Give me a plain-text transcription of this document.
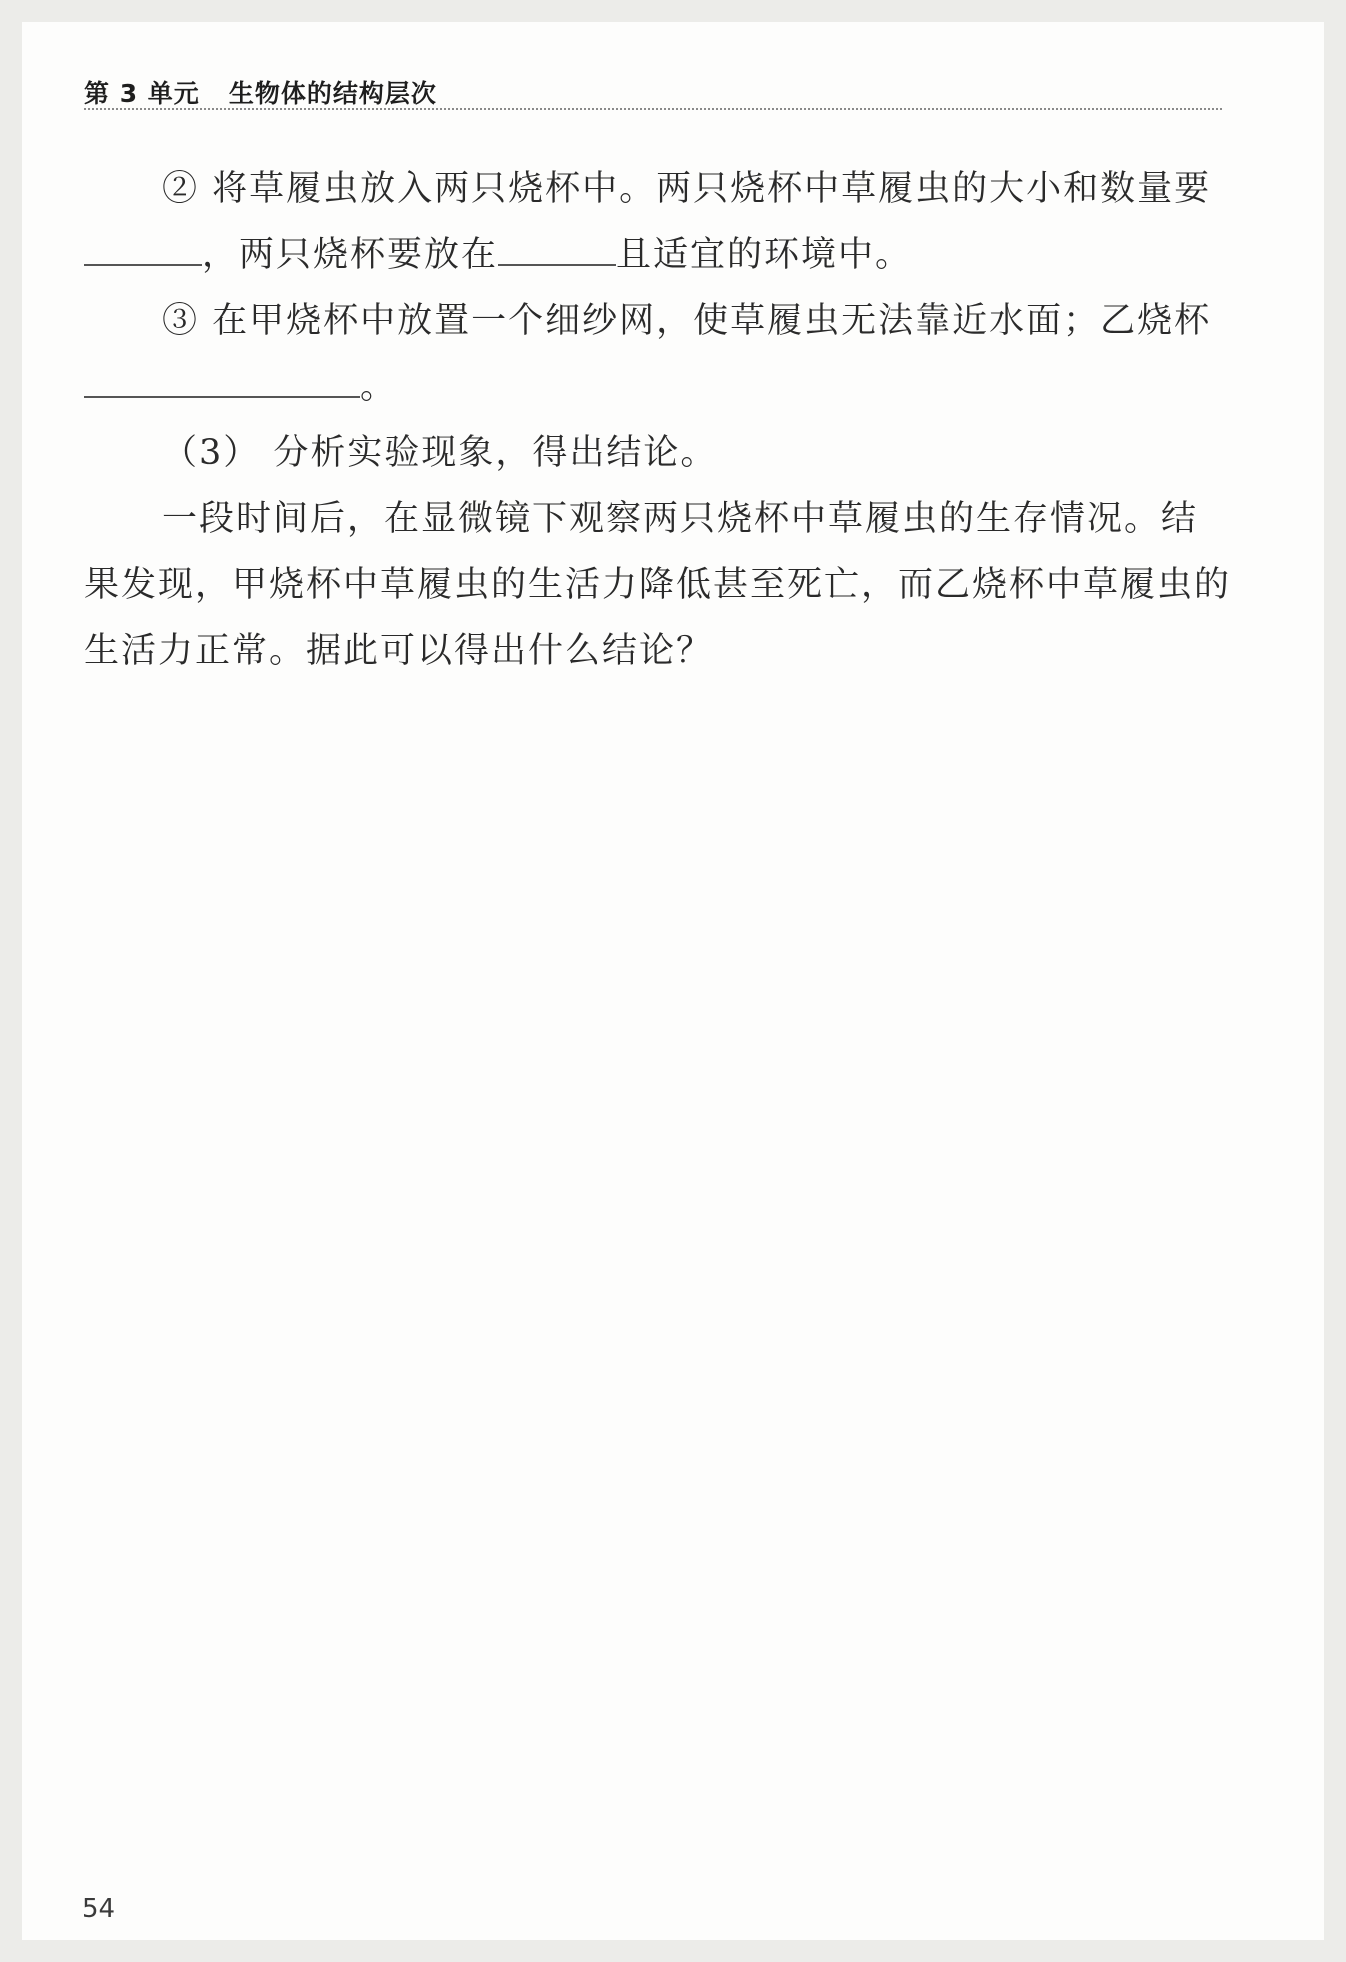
第 3 单元   生物体的结构层次

② 将草履虫放入两只烧杯中。两只烧杯中草履虫的大小和数量要，两只烧杯要放在	且适宜的环境中。

③ 在甲烧杯中放置一个细纱网，使草履虫无法靠近水面；乙烧杯。

（3） 分析实验现象，得出结论。

一段时间后，在显微镜下观察两只烧杯中草履虫的生存情况。结果发现，甲烧杯中草履虫的生活力降低甚至死亡，而乙烧杯中草履虫的生活力正常。据此可以得出什么结论？

54
